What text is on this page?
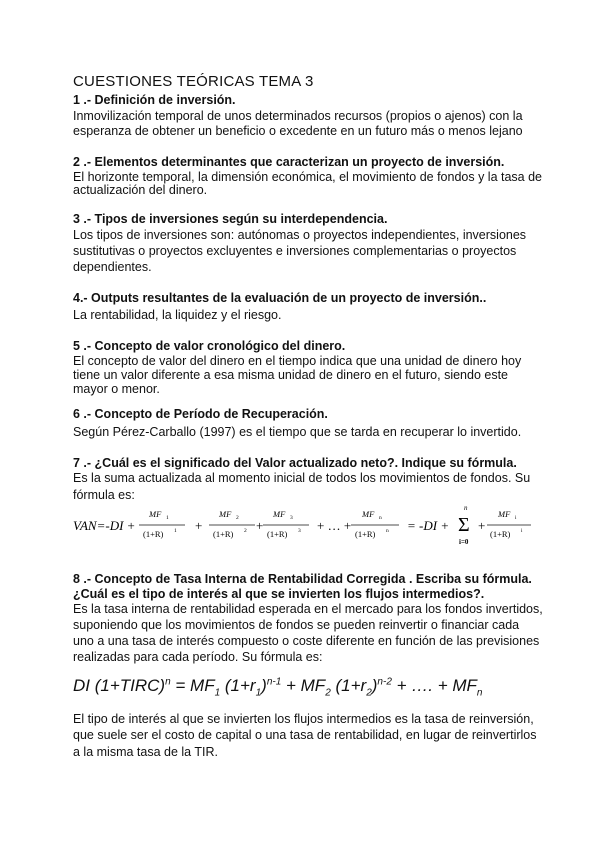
CUESTIONES TEÓRICAS TEMA 3
1 .- Definición de inversión.
Inmovilización temporal de unos determinados recursos (propios o ajenos) con la
esperanza de obtener un beneficio o excedente en un futuro más o menos lejano
2 .- Elementos determinantes que caracterizan un proyecto de inversión.
El horizonte temporal, la dimensión económica, el movimiento de fondos y la tasa de
actualización del dinero.
3 .- Tipos de inversiones según su interdependencia.
Los tipos de inversiones son: autónomas o proyectos independientes, inversiones
sustitutivas o proyectos excluyentes e inversiones complementarias o proyectos
dependientes.
4.- Outputs resultantes de la evaluación de un proyecto de inversión..
La rentabilidad, la liquidez y el riesgo.
5 .- Concepto de valor cronológico del dinero.
El concepto de valor del dinero en el tiempo indica que una unidad de dinero hoy
tiene un valor diferente a esa misma unidad de dinero en el futuro, siendo este
mayor o menor.
6 .- Concepto de Período de Recuperación.
Según Pérez-Carballo (1997) es el tiempo que se tarda en recuperar lo invertido.
7 .- ¿Cuál es el significado del Valor actualizado neto?. Indique su fórmula.
Es la suma actualizada al momento inicial de todos los movimientos de fondos. Su
fórmula es:
VAN=-DI +
MF 1
(1+R) 1 +
MF 2
(1+R) 2 +
MF 3
(1+R) 3 + … +
MF n
(1+R) n = -DI +
n
Σ
i=0
+
MF i
(1+R) i
8 .- Concepto de Tasa Interna de Rentabilidad Corregida . Escriba su fórmula.
¿Cuál es el tipo de interés al que se invierten los flujos intermedios?.
Es la tasa interna de rentabilidad esperada en el mercado para los fondos invertidos,
suponiendo que los movimientos de fondos se pueden reinvertir o financiar cada
uno a una tasa de interés compuesto o coste diferente en función de las previsiones
realizadas para cada período. Su fórmula es:
DI (1+TIRC)$^n$ = $MF_1$ $(1+r_1)^{n-1} + MF_2$ $(1+r_2)^{n-2}$ + …. + $MF_n$
El tipo de interés al que se invierten los flujos intermedios es la tasa de reinversión,
que suele ser el costo de capital o una tasa de rentabilidad, en lugar de reinvertirlos
a la misma tasa de la TIR.
